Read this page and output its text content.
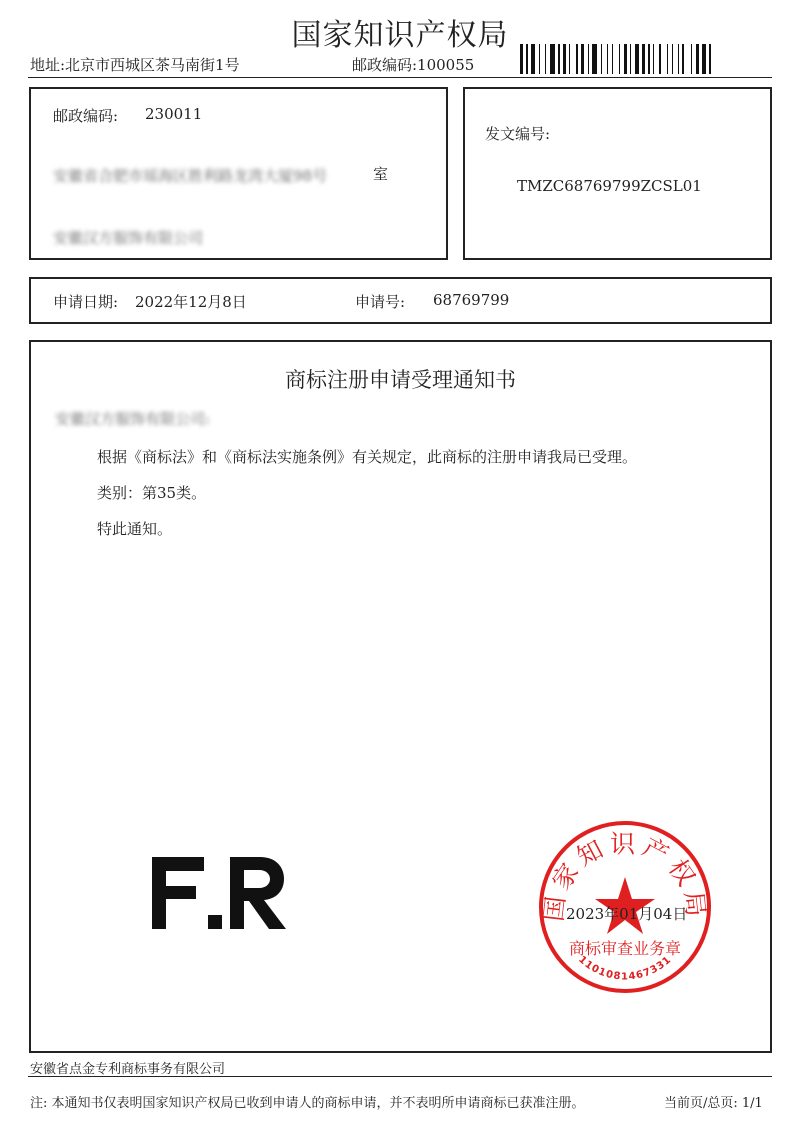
国家知识产权局
地址:北京市西城区茶马南街1号	邮政编码:100055
邮政编码: 230011
安徽省合肥市瑶海区胜利路龙湾大厦98号	室
安徽汉方服饰有限公司
发文编号:
TMZC68769799ZCSL01
申请日期: 2022年12月8日	申请号: 68769799
商标注册申请受理通知书
安徽汉方服饰有限公司:
根据《商标法》和《商标法实施条例》有关规定，此商标的注册申请我局已受理。
类别：第35类。
特此通知。
国家知识产权局
商标审查业务章
1101081467331
2023年01月04日
安徽省点金专利商标事务有限公司
注: 本通知书仅表明国家知识产权局已收到申请人的商标申请，并不表明所申请商标已获准注册。	当前页/总页: 1/1
